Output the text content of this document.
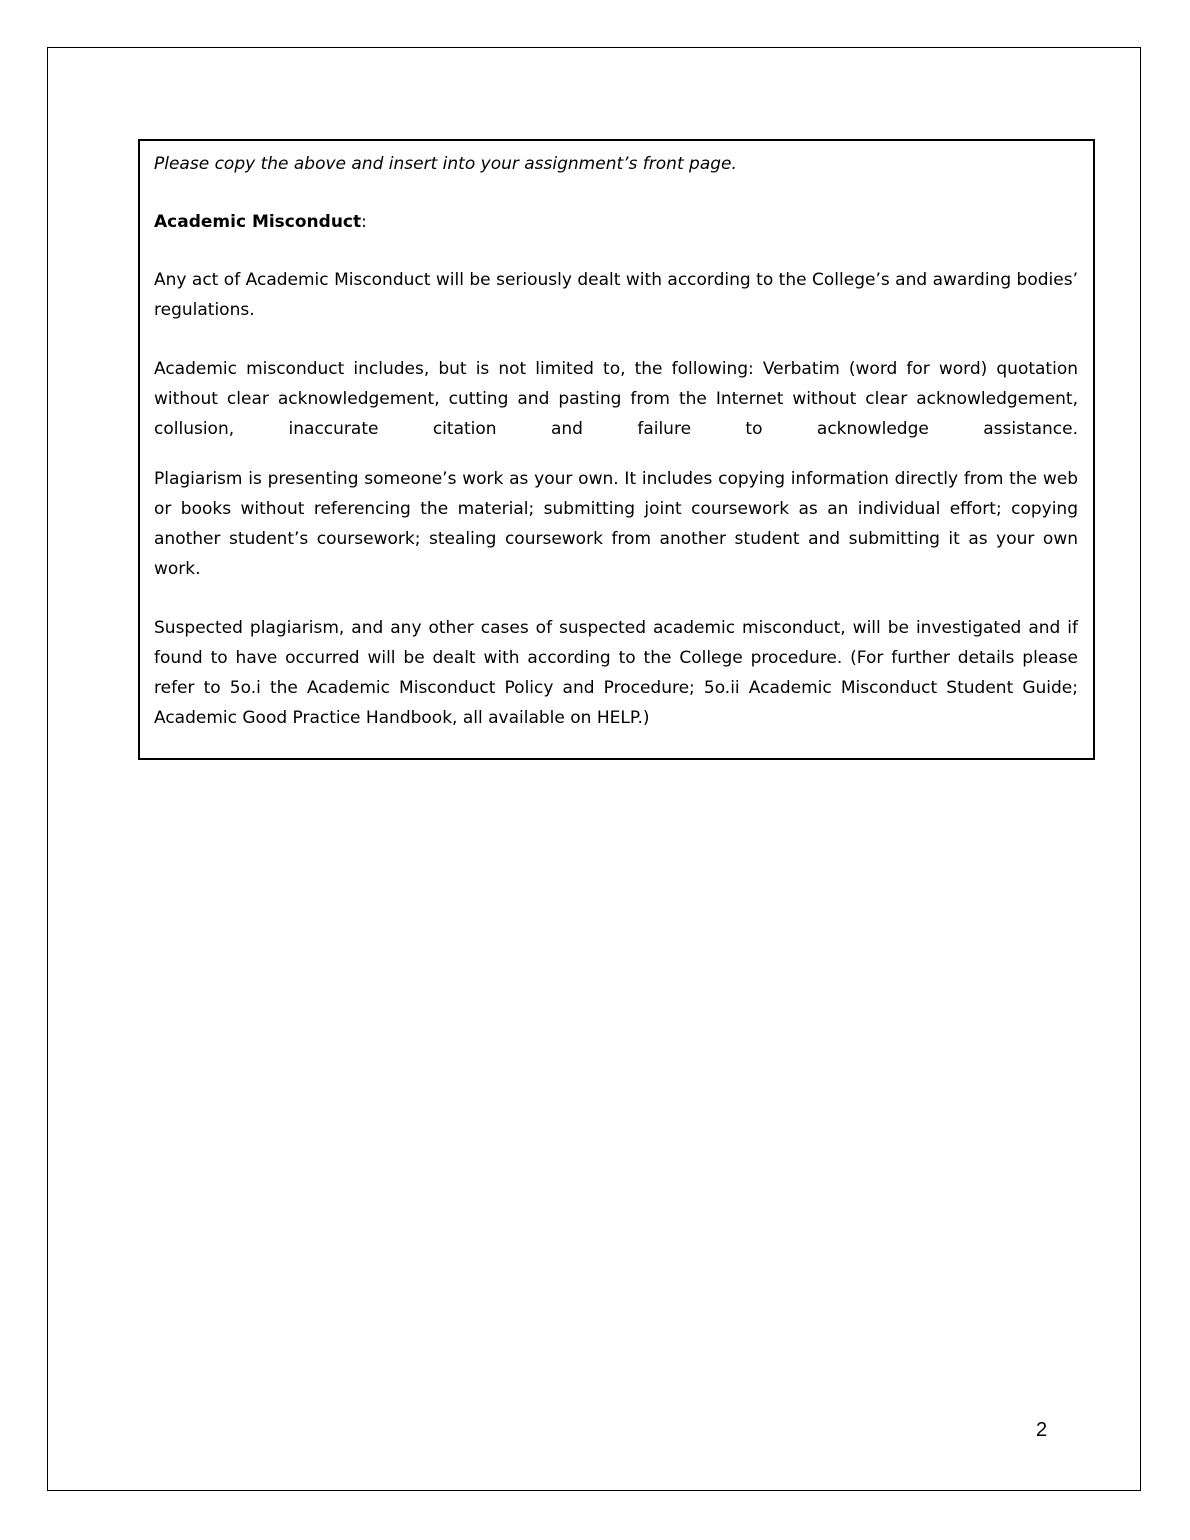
Please copy the above and insert into your assignment’s front page.

Academic Misconduct:

Any act of Academic Misconduct will be seriously dealt with according to the College’s and awarding bodies’ regulations.

Academic misconduct includes, but is not limited to, the following: Verbatim (word for word) quotation without clear acknowledgement, cutting and pasting from the Internet without clear acknowledgement, collusion, inaccurate citation and failure to acknowledge assistance.

Plagiarism is presenting someone’s work as your own. It includes copying information directly from the web or books without referencing the material; submitting joint coursework as an individual effort; copying another student’s coursework; stealing coursework from another student and submitting it as your own work.

Suspected plagiarism, and any other cases of suspected academic misconduct, will be investigated and if found to have occurred will be dealt with according to the College procedure. (For further details please refer to 5o.i the Academic Misconduct Policy and Procedure; 5o.ii Academic Misconduct Student Guide; Academic Good Practice Handbook, all available on HELP.)

2
